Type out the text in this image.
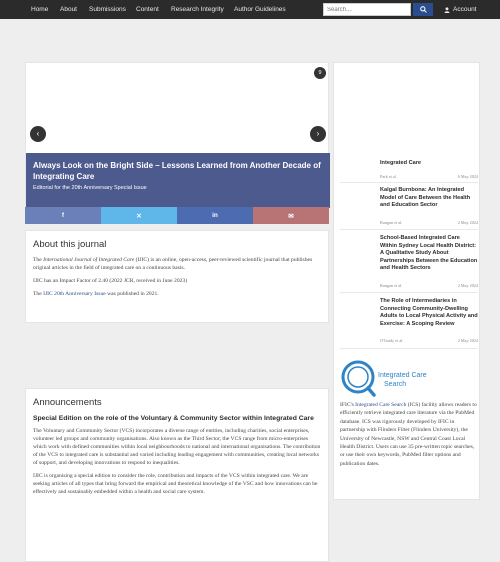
Home About Submissions Content Research Integrity Author Guidelines
Search....	Account
9
‹	›
Always Look on the Bright Side – Lessons Learned from Another Decade of Integrating Care
Editorial for the 20th Anniversary Special Issue
f	✕	in	✉
About this journal

The International Journal of Integrated Care (IJIC) is an online, open-access, peer-reviewed scientific journal that publishes original articles in the field of integrated care on a continuous basis.

IJIC has an Impact Factor of 2.40 (2022 JCR, received in June 2023)

The IJIC 20th Anniversary Issue was published in 2021.

Announcements
Special Edition on the role of the Voluntary & Community Sector within Integrated Care

The Voluntary and Community Sector (VCS) incorporates a diverse range of entities, including charities, social enterprises, volunteer led groups and community organisations. Also known as the Third Sector, the VCS range from micro-enterprises which work with defined communities within local neighbourhoods to national and international organisations. The contribution of the VCS to integrated care is substantial and varied including leading engagement with communities, creating local networks of support, and developing innovations to respond to inequalities.

IJIC is organising a special edition to consider the role, contribution and impacts of the VCS within integrated care. We are seeking articles of all types that bring forward the empirical and theoretical knowledge of the VSC and how innovations can be effectively and sustainably embedded within a health and social care system.

Integrated Care
Park et al.	6 May 2024
Kalgal Burnbona: An Integrated Model of Care Between the Health and Education Sector
Rungan et al.	2 May 2024
School-Based Integrated Care Within Sydney Local Health District: A Qualitative Study About Partnerships Between the Education and Health Sectors
Rungan et al.	2 May 2024
The Role of Intermediaries in Connecting Community-Dwelling Adults to Local Physical Activity and Exercise: A Scoping Review
O'Grady et al.	2 May 2024
Integrated Care
Search
IFIC's Integrated Care Search (ICS) facility allows readers to efficiently retrieve integrated care literature via the PubMed database. ICS was rigorously developed by IFIC in partnership with Flinders Filter (Flinders University), the University of Newcastle, NSW and Central Coast Local Health District. Users can use 35 pre-written topic searches, or use their own keywords, PubMed filter options and publication dates.
